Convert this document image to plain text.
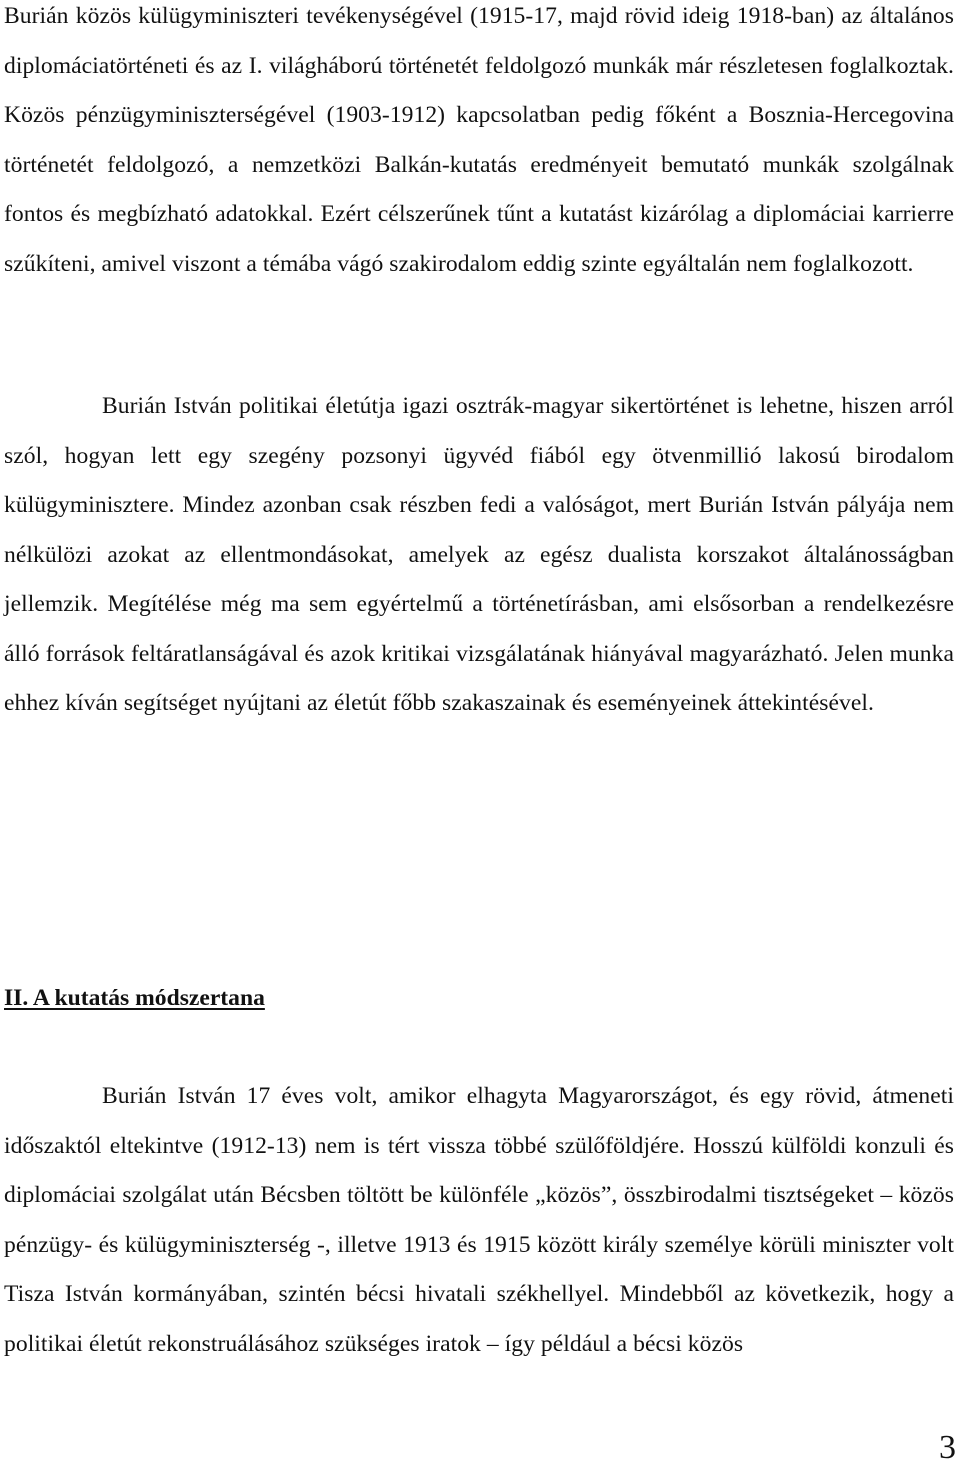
Burián közös külügyminiszteri tevékenységével (1915-17, majd rövid ideig 1918-ban) az általános diplomáciatörténeti és az I. világháború történetét feldolgozó munkák már részletesen foglalkoztak. Közös pénzügyminiszterségével (1903-1912) kapcsolatban pedig főként a Bosznia-Hercegovina történetét feldolgozó, a nemzetközi Balkán-kutatás eredményeit bemutató munkák szolgálnak fontos és megbízható adatokkal. Ezért célszerűnek tűnt a kutatást kizárólag a diplomáciai karrierre szűkíteni, amivel viszont a témába vágó szakirodalom eddig szinte egyáltalán nem foglalkozott.

Burián István politikai életútja igazi osztrák-magyar sikertörténet is lehetne, hiszen arról szól, hogyan lett egy szegény pozsonyi ügyvéd fiából egy ötvenmillió lakosú birodalom külügyminisztere. Mindez azonban csak részben fedi a valóságot, mert Burián István pályája nem nélkülözi azokat az ellentmondásokat, amelyek az egész dualista korszakot általánosságban jellemzik. Megítélése még ma sem egyértelmű a történetírásban, ami elsősorban a rendelkezésre álló források feltáratlanságával és azok kritikai vizsgálatának hiányával magyarázható. Jelen munka ehhez kíván segítséget nyújtani az életút főbb szakaszainak és eseményeinek áttekintésével.

II. A kutatás módszertana

Burián István 17 éves volt, amikor elhagyta Magyarországot, és egy rövid, átmeneti időszaktól eltekintve (1912-13) nem is tért vissza többé szülőföldjére. Hosszú külföldi konzuli és diplomáciai szolgálat után Bécsben töltött be különféle „közös”, összbirodalmi tisztségeket – közös pénzügy- és külügyminiszterség -, illetve 1913 és 1915 között király személye körüli miniszter volt Tisza István kormányában, szintén bécsi hivatali székhellyel. Mindebből az következik, hogy a politikai életút rekonstruálásához szükséges iratok – így például a bécsi közös

3
